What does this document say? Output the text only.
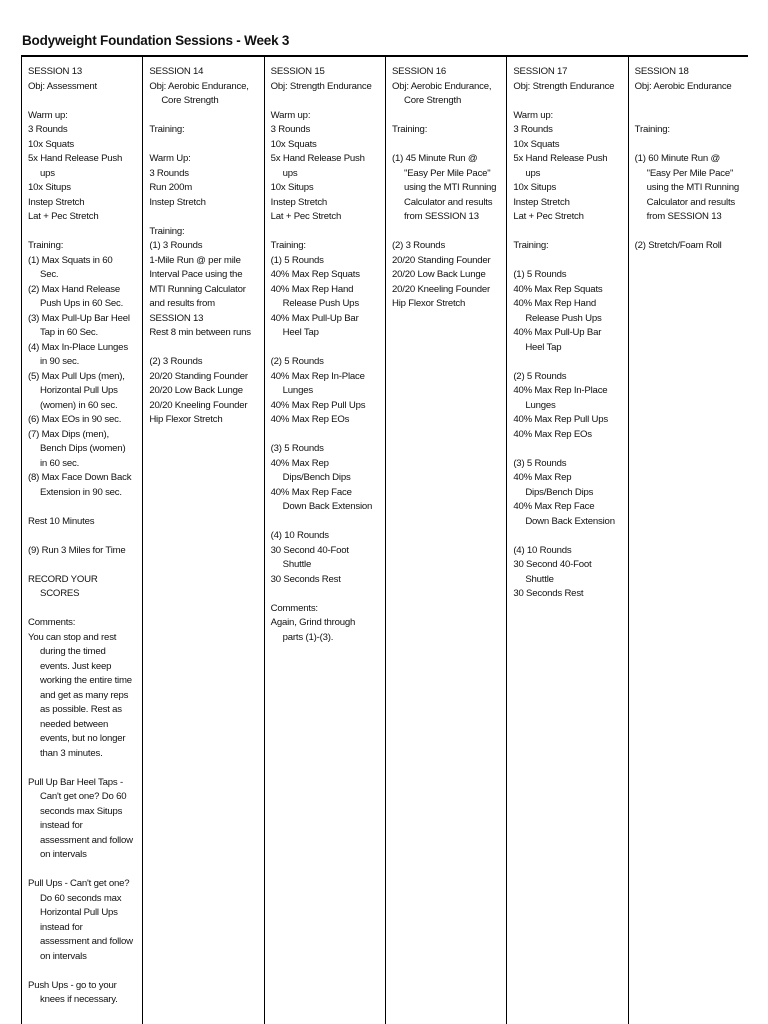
Bodyweight Foundation Sessions - Week 3
SESSION 13
Obj: Assessment
Warm up:
3 Rounds
10x Squats
5x Hand Release Push
ups
10x Situps
Instep Stretch
Lat + Pec Stretch
Training:
(1) Max Squats in 60
Sec.
(2) Max Hand Release
Push Ups in 60 Sec.
(3) Max Pull-Up Bar Heel
Tap in 60 Sec.
(4) Max In-Place Lunges
in 90 sec.
(5) Max Pull Ups (men),
Horizontal Pull Ups
(women) in 60 sec.
(6) Max EOs in 90 sec.
(7) Max Dips (men),
Bench Dips (women)
in 60 sec.
(8) Max Face Down Back
Extension in 90 sec.
Rest 10 Minutes
(9) Run 3 Miles for Time
RECORD YOUR
SCORES
Comments:
You can stop and rest
during the timed
events. Just keep
working the entire time
and get as many reps
as possible. Rest as
needed between
events, but no longer
than 3 minutes.
Pull Up Bar Heel Taps -
Can't get one? Do 60
seconds max Situps
instead for
assessment and follow
on intervals
Pull Ups - Can't get one?
Do 60 seconds max
Horizontal Pull Ups
instead for
assessment and follow
on intervals
Push Ups - go to your
knees if necessary.
SESSION 14
Obj: Aerobic Endurance,
Core Strength
Training:
Warm Up:
3 Rounds
Run 200m
Instep Stretch
Training:
(1) 3 Rounds
1-Mile Run @ per mile
Interval Pace using the
MTI Running Calculator
and results from
SESSION 13
Rest 8 min between runs
(2) 3 Rounds
20/20 Standing Founder
20/20 Low Back Lunge
20/20 Kneeling Founder
Hip Flexor Stretch
SESSION 15
Obj: Strength Endurance
Warm up:
3 Rounds
10x Squats
5x Hand Release Push
ups
10x Situps
Instep Stretch
Lat + Pec Stretch
Training:
(1) 5 Rounds
40% Max Rep Squats
40% Max Rep Hand
Release Push Ups
40% Max Pull-Up Bar
Heel Tap
(2) 5 Rounds
40% Max Rep In-Place
Lunges
40% Max Rep Pull Ups
40% Max Rep EOs
(3) 5 Rounds
40% Max Rep
Dips/Bench Dips
40% Max Rep Face
Down Back Extension
(4) 10 Rounds
30 Second 40-Foot
Shuttle
30 Seconds Rest
Comments:
Again, Grind through
parts (1)-(3).
SESSION 16
Obj: Aerobic Endurance,
Core Strength
Training:
(1) 45 Minute Run @
"Easy Per Mile Pace"
using the MTI Running
Calculator and results
from SESSION 13
(2) 3 Rounds
20/20 Standing Founder
20/20 Low Back Lunge
20/20 Kneeling Founder
Hip Flexor Stretch
SESSION 17
Obj: Strength Endurance
Warm up:
3 Rounds
10x Squats
5x Hand Release Push
ups
10x Situps
Instep Stretch
Lat + Pec Stretch
Training:
(1) 5 Rounds
40% Max Rep Squats
40% Max Rep Hand
Release Push Ups
40% Max Pull-Up Bar
Heel Tap
(2) 5 Rounds
40% Max Rep In-Place
Lunges
40% Max Rep Pull Ups
40% Max Rep EOs
(3) 5 Rounds
40% Max Rep
Dips/Bench Dips
40% Max Rep Face
Down Back Extension
(4) 10 Rounds
30 Second 40-Foot
Shuttle
30 Seconds Rest
SESSION 18
Obj: Aerobic Endurance
Training:
(1) 60 Minute Run @
"Easy Per Mile Pace"
using the MTI Running
Calculator and results
from SESSION 13
(2) Stretch/Foam Roll
